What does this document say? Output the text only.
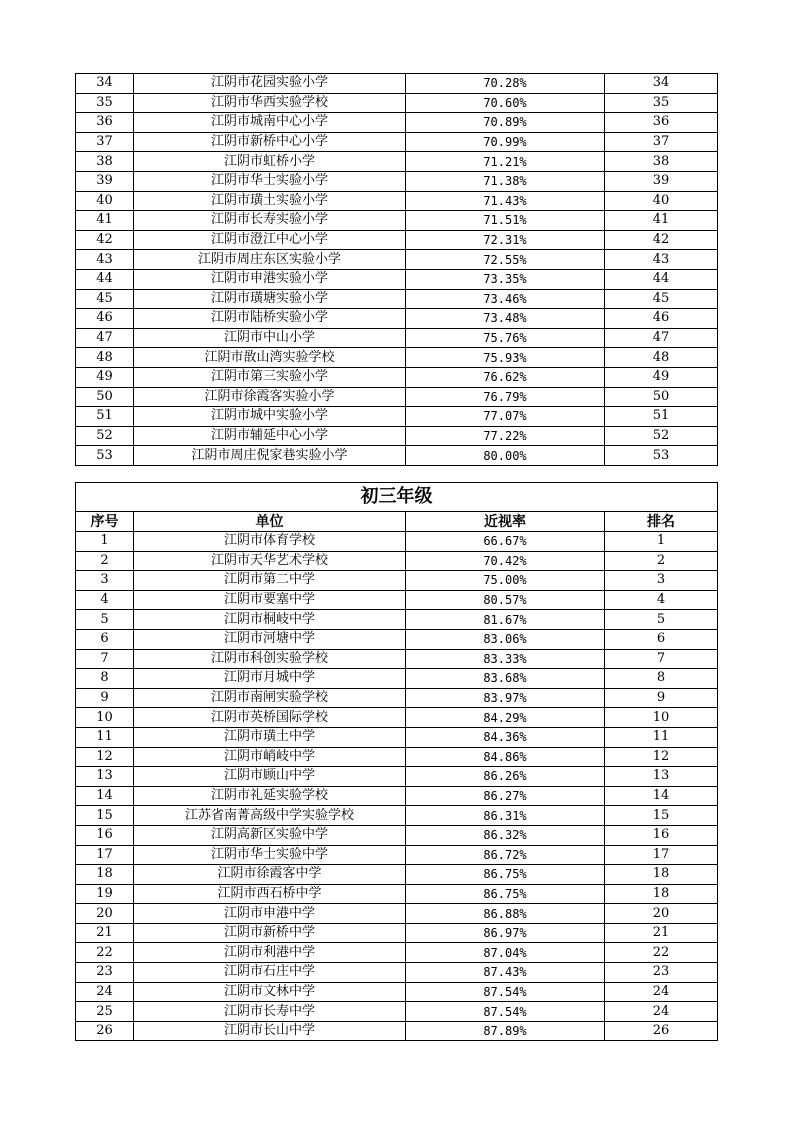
34	江阴市花园实验小学	70.28%	34
35	江阴市华西实验学校	70.60%	35
36	江阴市城南中心小学	70.89%	36
37	江阴市新桥中心小学	70.99%	37
38	江阴市虹桥小学	71.21%	38
39	江阴市华士实验小学	71.38%	39
40	江阴市璜土实验小学	71.43%	40
41	江阴市长寿实验小学	71.51%	41
42	江阴市澄江中心小学	72.31%	42
43	江阴市周庄东区实验小学	72.55%	43
44	江阴市申港实验小学	73.35%	44
45	江阴市璜塘实验小学	73.46%	45
46	江阴市陆桥实验小学	73.48%	46
47	江阴市中山小学	75.76%	47
48	江阴市敔山湾实验学校	75.93%	48
49	江阴市第三实验小学	76.62%	49
50	江阴市徐霞客实验小学	76.79%	50
51	江阴市城中实验小学	77.07%	51
52	江阴市辅延中心小学	77.22%	52
53	江阴市周庄倪家巷实验小学	80.00%	53
初三年级			
序号	单位	近视率	排名
1	江阴市体育学校	66.67%	1
2	江阴市天华艺术学校	70.42%	2
3	江阴市第二中学	75.00%	3
4	江阴市要塞中学	80.57%	4
5	江阴市桐岐中学	81.67%	5
6	江阴市河塘中学	83.06%	6
7	江阴市科创实验学校	83.33%	7
8	江阴市月城中学	83.68%	8
9	江阴市南闸实验学校	83.97%	9
10	江阴市英桥国际学校	84.29%	10
11	江阴市璜土中学	84.36%	11
12	江阴市峭岐中学	84.86%	12
13	江阴市顾山中学	86.26%	13
14	江阴市礼延实验学校	86.27%	14
15	江苏省南菁高级中学实验学校	86.31%	15
16	江阴高新区实验中学	86.32%	16
17	江阴市华士实验中学	86.72%	17
18	江阴市徐霞客中学	86.75%	18
19	江阴市西石桥中学	86.75%	18
20	江阴市申港中学	86.88%	20
21	江阴市新桥中学	86.97%	21
22	江阴市利港中学	87.04%	22
23	江阴市石庄中学	87.43%	23
24	江阴市文林中学	87.54%	24
25	江阴市长寿中学	87.54%	24
26	江阴市长山中学	87.89%	26
